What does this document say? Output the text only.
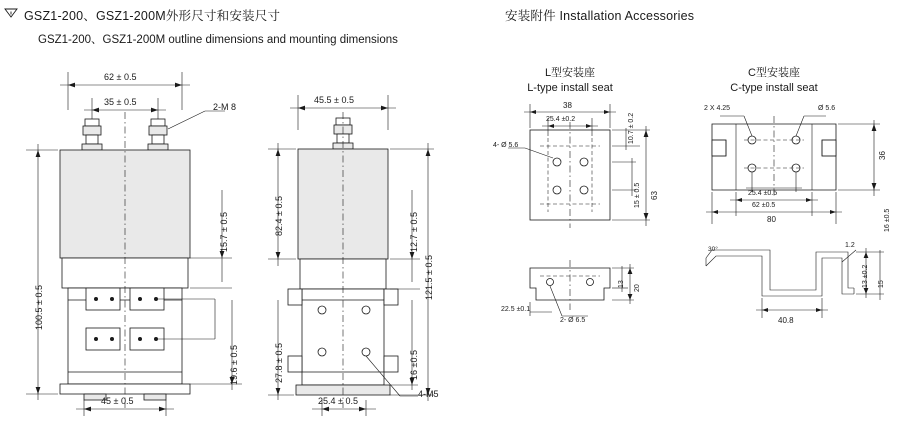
GSZ1-200、GSZ1-200M外形尺寸和安装尺寸
GSZ1-200、GSZ1-200M outline dimensions and mounting dimensions
安装附件 Installation Accessories
L型安装座
L-type install seat
C型安装座
C-type install seat
62 ± 0.5
35 ± 0.5	2-M 8
100.5 ± 0.5
15.7 ± 0.5
19.6 ± 0.5
45 ± 0.5
45.5 ± 0.5
82.4 ± 0.5
27.8 ± 0.5
121.5 ± 0.5
12.7 ± 0.5
16 ±0.5
25.4 ± 0.5
4-M5
38
25.4 ±0.2
4- Ø 5.6
10.7 ± 0.2
15 ± 0.5 63
13
20
22.5 ±0.1
2- Ø 6.5
2 X 4.25	Ø 5.6
36
25.4 ±0.5
62 ±0.5
80	16 ±0.5
30°
1.2
13 ±0.2 15
40.8
